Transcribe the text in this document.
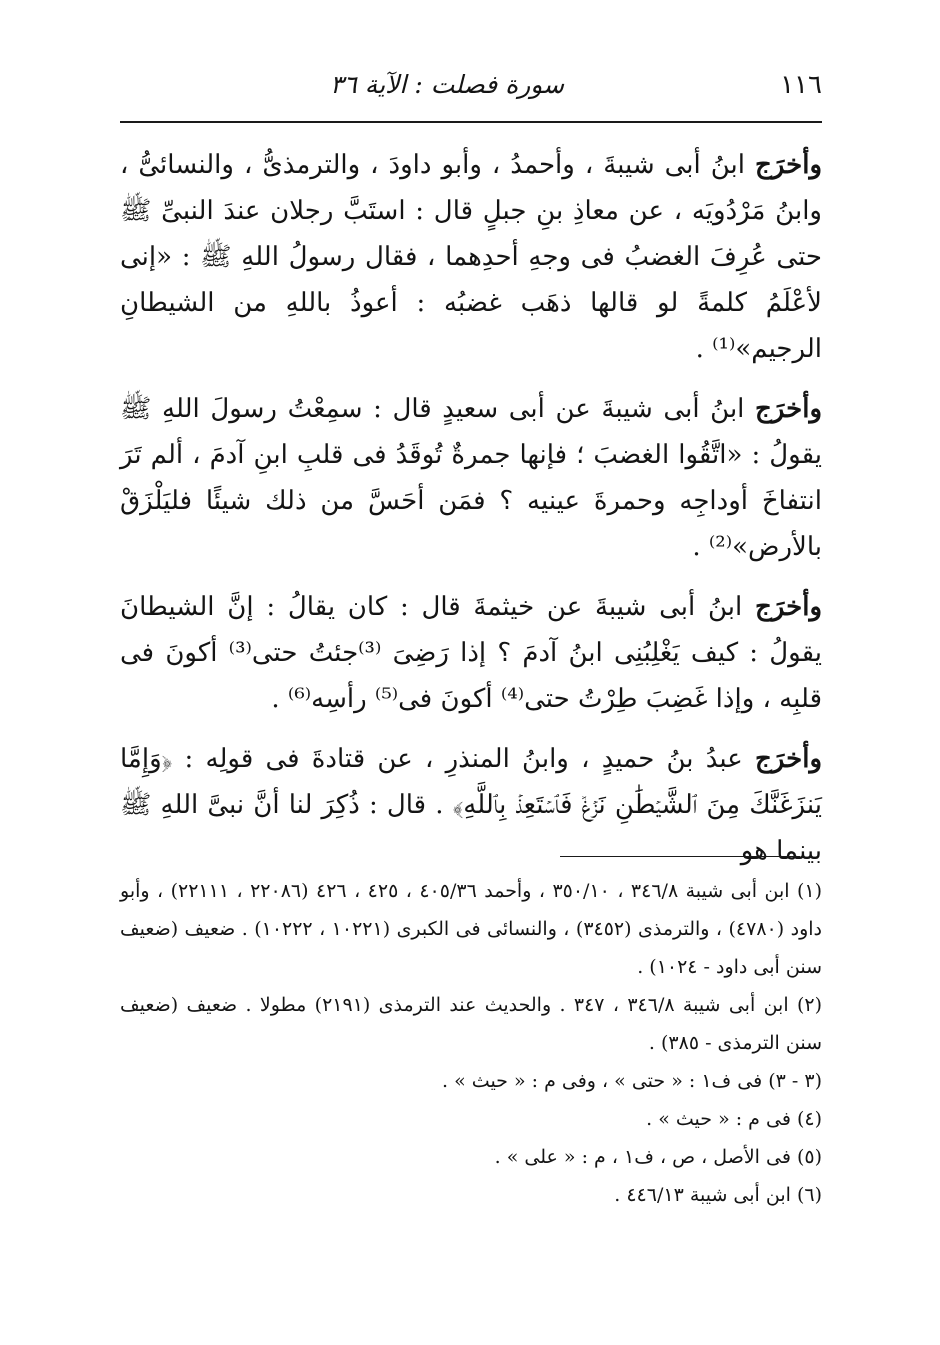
١١٦
سورة فصلت : الآية ٣٦

وأخرَج ابنُ أبى شيبةَ ، وأحمدُ ، وأبو داودَ ، والترمذىُّ ، والنسائىُّ ، وابنُ مَرْدُويَه ، عن معاذِ بنِ جبلٍ قال : استَبَّ رجلان عندَ النبىِّ ﷺ حتى عُرِفَ الغضبُ فى وجهِ أحدِهما ، فقال رسولُ اللهِ ﷺ : «إنى لأعْلَمُ كلمةً لو قالها ذهَب غضبُه : أعوذُ باللهِ من الشيطانِ الرجيم»⁽¹⁾ .

وأخرَج ابنُ أبى شيبةَ عن أبى سعيدٍ قال : سمِعْتُ رسولَ اللهِ ﷺ يقولُ : «اتَّقُوا الغضبَ ؛ فإنها جمرةٌ تُوقَدُ فى قلبِ ابنِ آدمَ ، ألم تَرَ انتفاخَ أوداجِه وحمرةَ عينيه ؟ فمَن أحَسَّ من ذلك شيئًا فليَلْزَقْ بالأرض»⁽²⁾ .

وأخرَج ابنُ أبى شيبةَ عن خيثمةَ قال : كان يقالُ : إنَّ الشيطانَ يقولُ : كيف يَغْلِبُنِى ابنُ آدمَ ؟ إذا رَضِىَ ⁽³⁾جئتُ حتى⁽³⁾ أكونَ فى قلبِه ، وإذا غَضِبَ طِرْتُ حتى⁽⁴⁾ أكونَ فى⁽⁵⁾ رأسِه⁽⁶⁾ .

وأخرَج عبدُ بنُ حميدٍ ، وابنُ المنذرِ ، عن قتادةَ فى قولِه : ﴿وَإِمَّا يَنزَغَنَّكَ مِنَ ٱلشَّيۡطَٰنِ نَزۡغٞ فَٱسۡتَعِذۡ بِٱللَّهِ﴾ . قال : ذُكِرَ لنا أنَّ نبىَّ اللهِ ﷺ بينما هو

(١) ابن أبى شيبة ٣٤٦/٨ ، ٣٥٠/١٠ ، وأحمد ٤٠٥/٣٦ ، ٤٢٥ ، ٤٢٦ (٢٢٠٨٦ ، ٢٢١١١) ، وأبو داود (٤٧٨٠) ، والترمذى (٣٤٥٢) ، والنسائى فى الكبرى (١٠٢٢١ ، ١٠٢٢٢) . ضعيف (ضعيف سنن أبى داود - ١٠٢٤) .

(٢) ابن أبى شيبة ٣٤٦/٨ ، ٣٤٧ . والحديث عند الترمذى (٢١٩١) مطولا . ضعيف (ضعيف سنن الترمذى - ٣٨٥) .

(٣ - ٣) فى ف١ : « حتى » ، وفى م : « حيث » .

(٤) فى م : « حيث » .

(٥) فى الأصل ، ص ، ف١ ، م : « على » .

(٦) ابن أبى شيبة ٤٤٦/١٣ .
